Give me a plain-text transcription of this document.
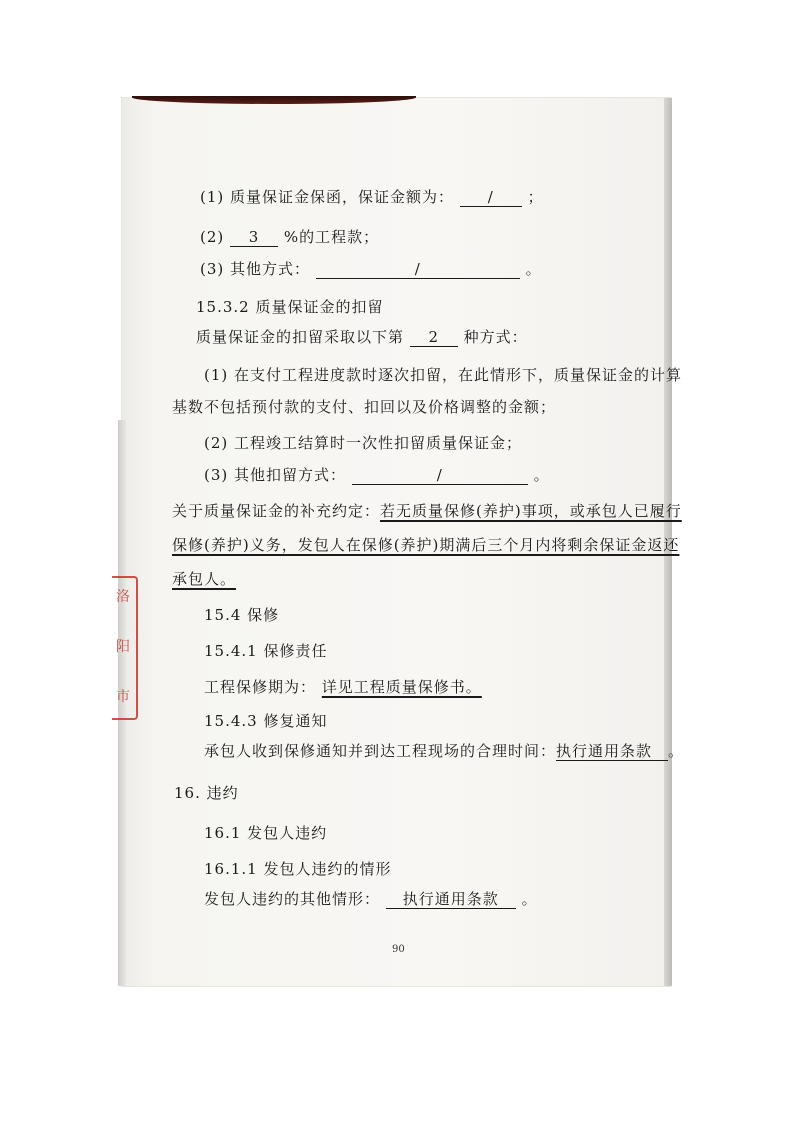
洛
阳
市
(1) 质量保证金保函，保证金额为： / ；
(2) 3 %的工程款；
(3) 其他方式：	/	。
15.3.2 质量保证金的扣留
质量保证金的扣留采取以下第 2 种方式：
(1) 在支付工程进度款时逐次扣留，在此情形下，质量保证金的计算
基数不包括预付款的支付、扣回以及价格调整的金额；
(2) 工程竣工结算时一次性扣留质量保证金；
(3) 其他扣留方式：	/	。
关于质量保证金的补充约定：若无质量保修(养护)事项，或承包人已履行
保修(养护)义务，发包人在保修(养护)期满后三个月内将剩余保证金返还
承包人。
15.4 保修
15.4.1 保修责任
工程保修期为： 详见工程质量保修书。
15.4.3 修复通知
承包人收到保修通知并到达工程现场的合理时间：执行通用条款 。
16. 违约
16.1 发包人违约
16.1.1 发包人违约的情形
发包人违约的其他情形： 执行通用条款 。
90
